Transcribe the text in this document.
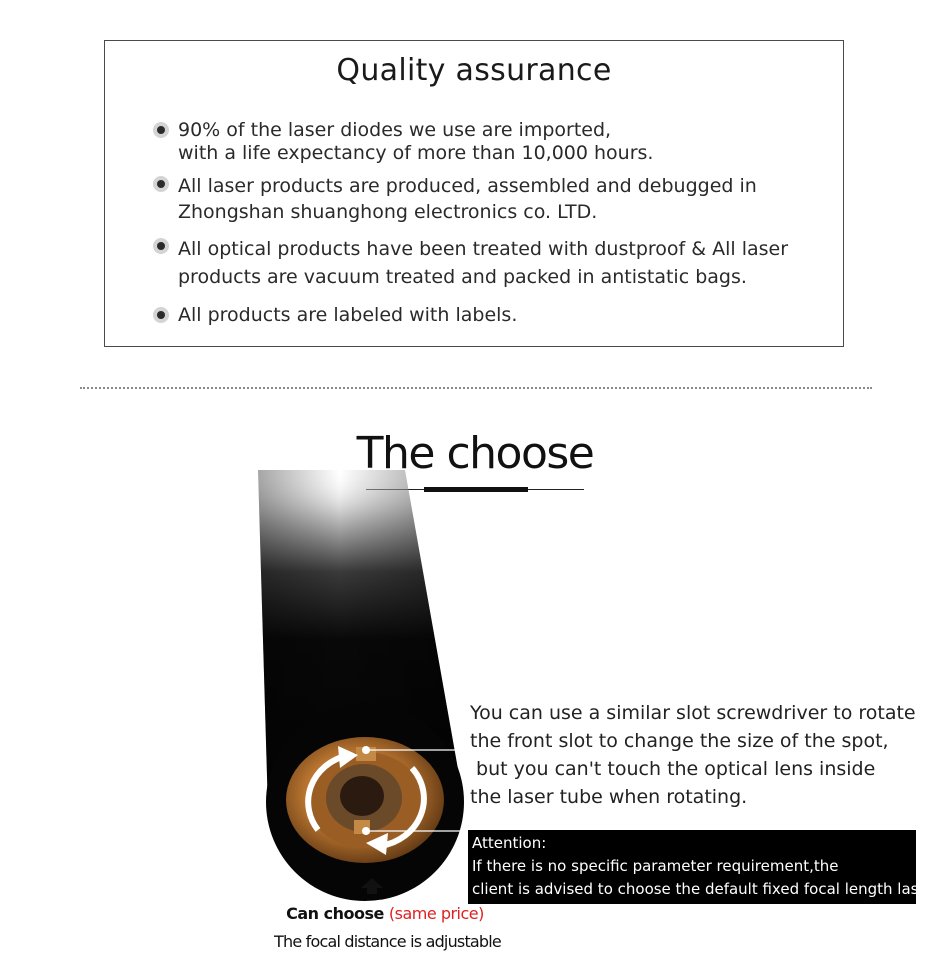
Quality assurance
90% of the laser diodes we use are imported,
with a life expectancy of more than 10,000 hours.
All laser products are produced, assembled and debugged in
Zhongshan shuanghong electronics co. LTD.
All optical products have been treated with dustproof & All laser
products are vacuum treated and packed in antistatic bags.
All products are labeled with labels.
The choose
You can use a similar slot screwdriver to rotate
the front slot to change the size of the spot,
but you can't touch the optical lens inside
the laser tube when rotating.
Attention:
If there is no specific parameter requirement,the
client is advised to choose the default fixed focal length laser.
Can choose (same price)
The focal distance is adjustable
